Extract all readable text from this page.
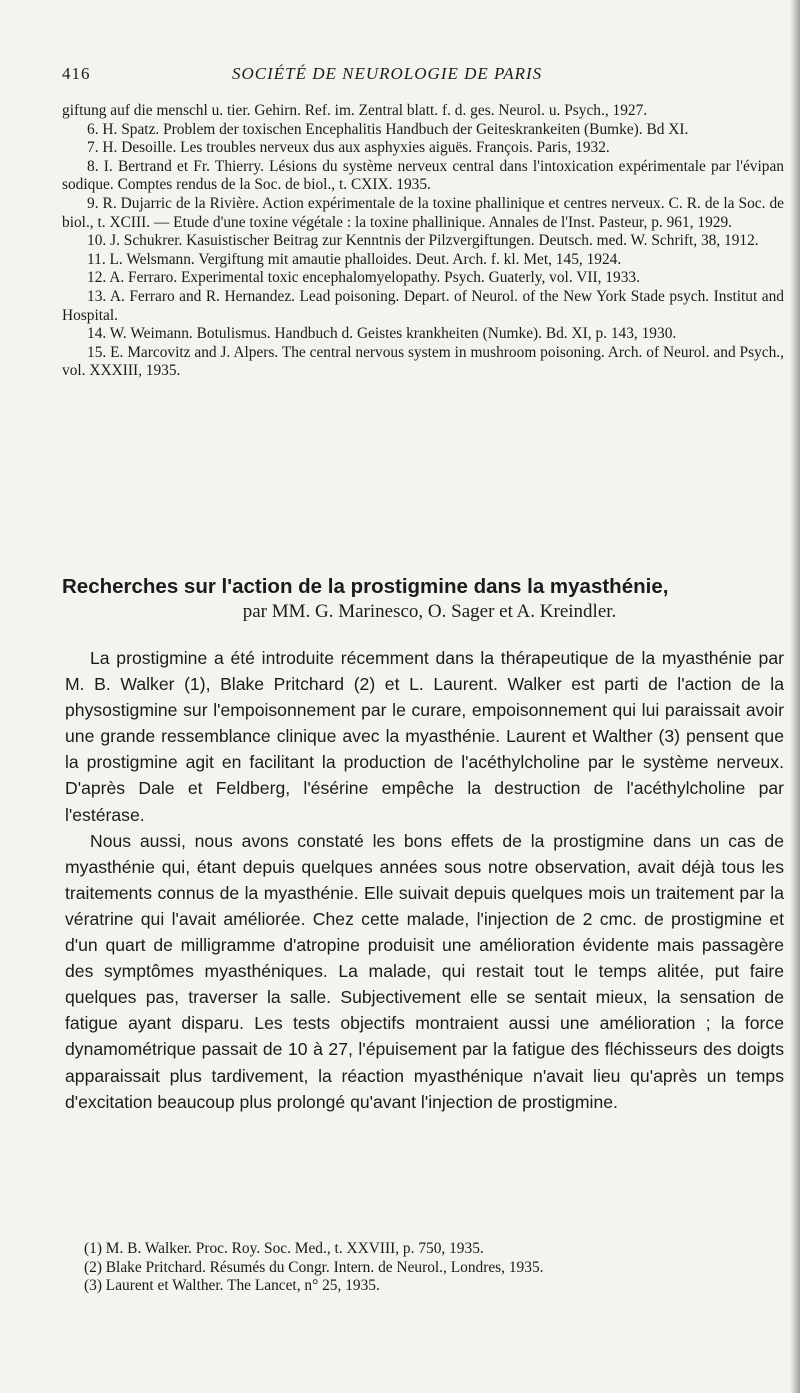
416	SOCIÉTÉ DE NEUROLOGIE DE PARIS

giftung auf die menschl u. tier. Gehirn. Ref. im. Zentral blatt. f. d. ges. Neurol. u. Psych., 1927.

6. H. Spatz. Problem der toxischen Encephalitis Handbuch der Geiteskrankeiten (Bumke). Bd XI.

7. H. Desoille. Les troubles nerveux dus aux asphyxies aiguës. François. Paris, 1932.

8. I. Bertrand et Fr. Thierry. Lésions du système nerveux central dans l'intoxication expérimentale par l'évipan sodique. Comptes rendus de la Soc. de biol., t. CXIX. 1935.

9. R. Dujarric de la Rivière. Action expérimentale de la toxine phallinique et centres nerveux. C. R. de la Soc. de biol., t. XCIII. — Etude d'une toxine végétale : la toxine phallinique. Annales de l'Inst. Pasteur, p. 961, 1929.

10. J. Schukrer. Kasuistischer Beitrag zur Kenntnis der Pilzvergiftungen. Deutsch. med. W. Schrift, 38, 1912.

11. L. Welsmann. Vergiftung mit amautie phalloides. Deut. Arch. f. kl. Met, 145, 1924.

12. A. Ferraro. Experimental toxic encephalomyelopathy. Psych. Guaterly, vol. VII, 1933.

13. A. Ferraro and R. Hernandez. Lead poisoning. Depart. of Neurol. of the New York Stade psych. Institut and Hospital.

14. W. Weimann. Botulismus. Handbuch d. Geistes krankheiten (Numke). Bd. XI, p. 143, 1930.

15. E. Marcovitz and J. Alpers. The central nervous system in mushroom poisoning. Arch. of Neurol. and Psych., vol. XXXIII, 1935.

Recherches sur l'action de la prostigmine dans la myasthénie,
par MM. G. Marinesco, O. Sager et A. Kreindler.

La prostigmine a été introduite récemment dans la thérapeutique de la myasthénie par M. B. Walker (1), Blake Pritchard (2) et L. Laurent. Walker est parti de l'action de la physostigmine sur l'empoisonnement par le curare, empoisonnement qui lui paraissait avoir une grande ressemblance clinique avec la myasthénie. Laurent et Walther (3) pensent que la prostigmine agit en facilitant la production de l'acéthylcholine par le système nerveux. D'après Dale et Feldberg, l'ésérine empêche la destruction de l'acéthylcholine par l'estérase.

Nous aussi, nous avons constaté les bons effets de la prostigmine dans un cas de myasthénie qui, étant depuis quelques années sous notre observation, avait déjà tous les traitements connus de la myasthénie. Elle suivait depuis quelques mois un traitement par la vératrine qui l'avait améliorée. Chez cette malade, l'injection de 2 cmc. de prostigmine et d'un quart de milligramme d'atropine produisit une amélioration évidente mais passagère des symptômes myasthéniques. La malade, qui restait tout le temps alitée, put faire quelques pas, traverser la salle. Subjectivement elle se sentait mieux, la sensation de fatigue ayant disparu. Les tests objectifs montraient aussi une amélioration ; la force dynamométrique passait de 10 à 27, l'épuisement par la fatigue des fléchisseurs des doigts apparaissait plus tardivement, la réaction myasthénique n'avait lieu qu'après un temps d'excitation beaucoup plus prolongé qu'avant l'injection de prostigmine.

(1) M. B. Walker. Proc. Roy. Soc. Med., t. XXVIII, p. 750, 1935.

(2) Blake Pritchard. Résumés du Congr. Intern. de Neurol., Londres, 1935.

(3) Laurent et Walther. The Lancet, n° 25, 1935.
